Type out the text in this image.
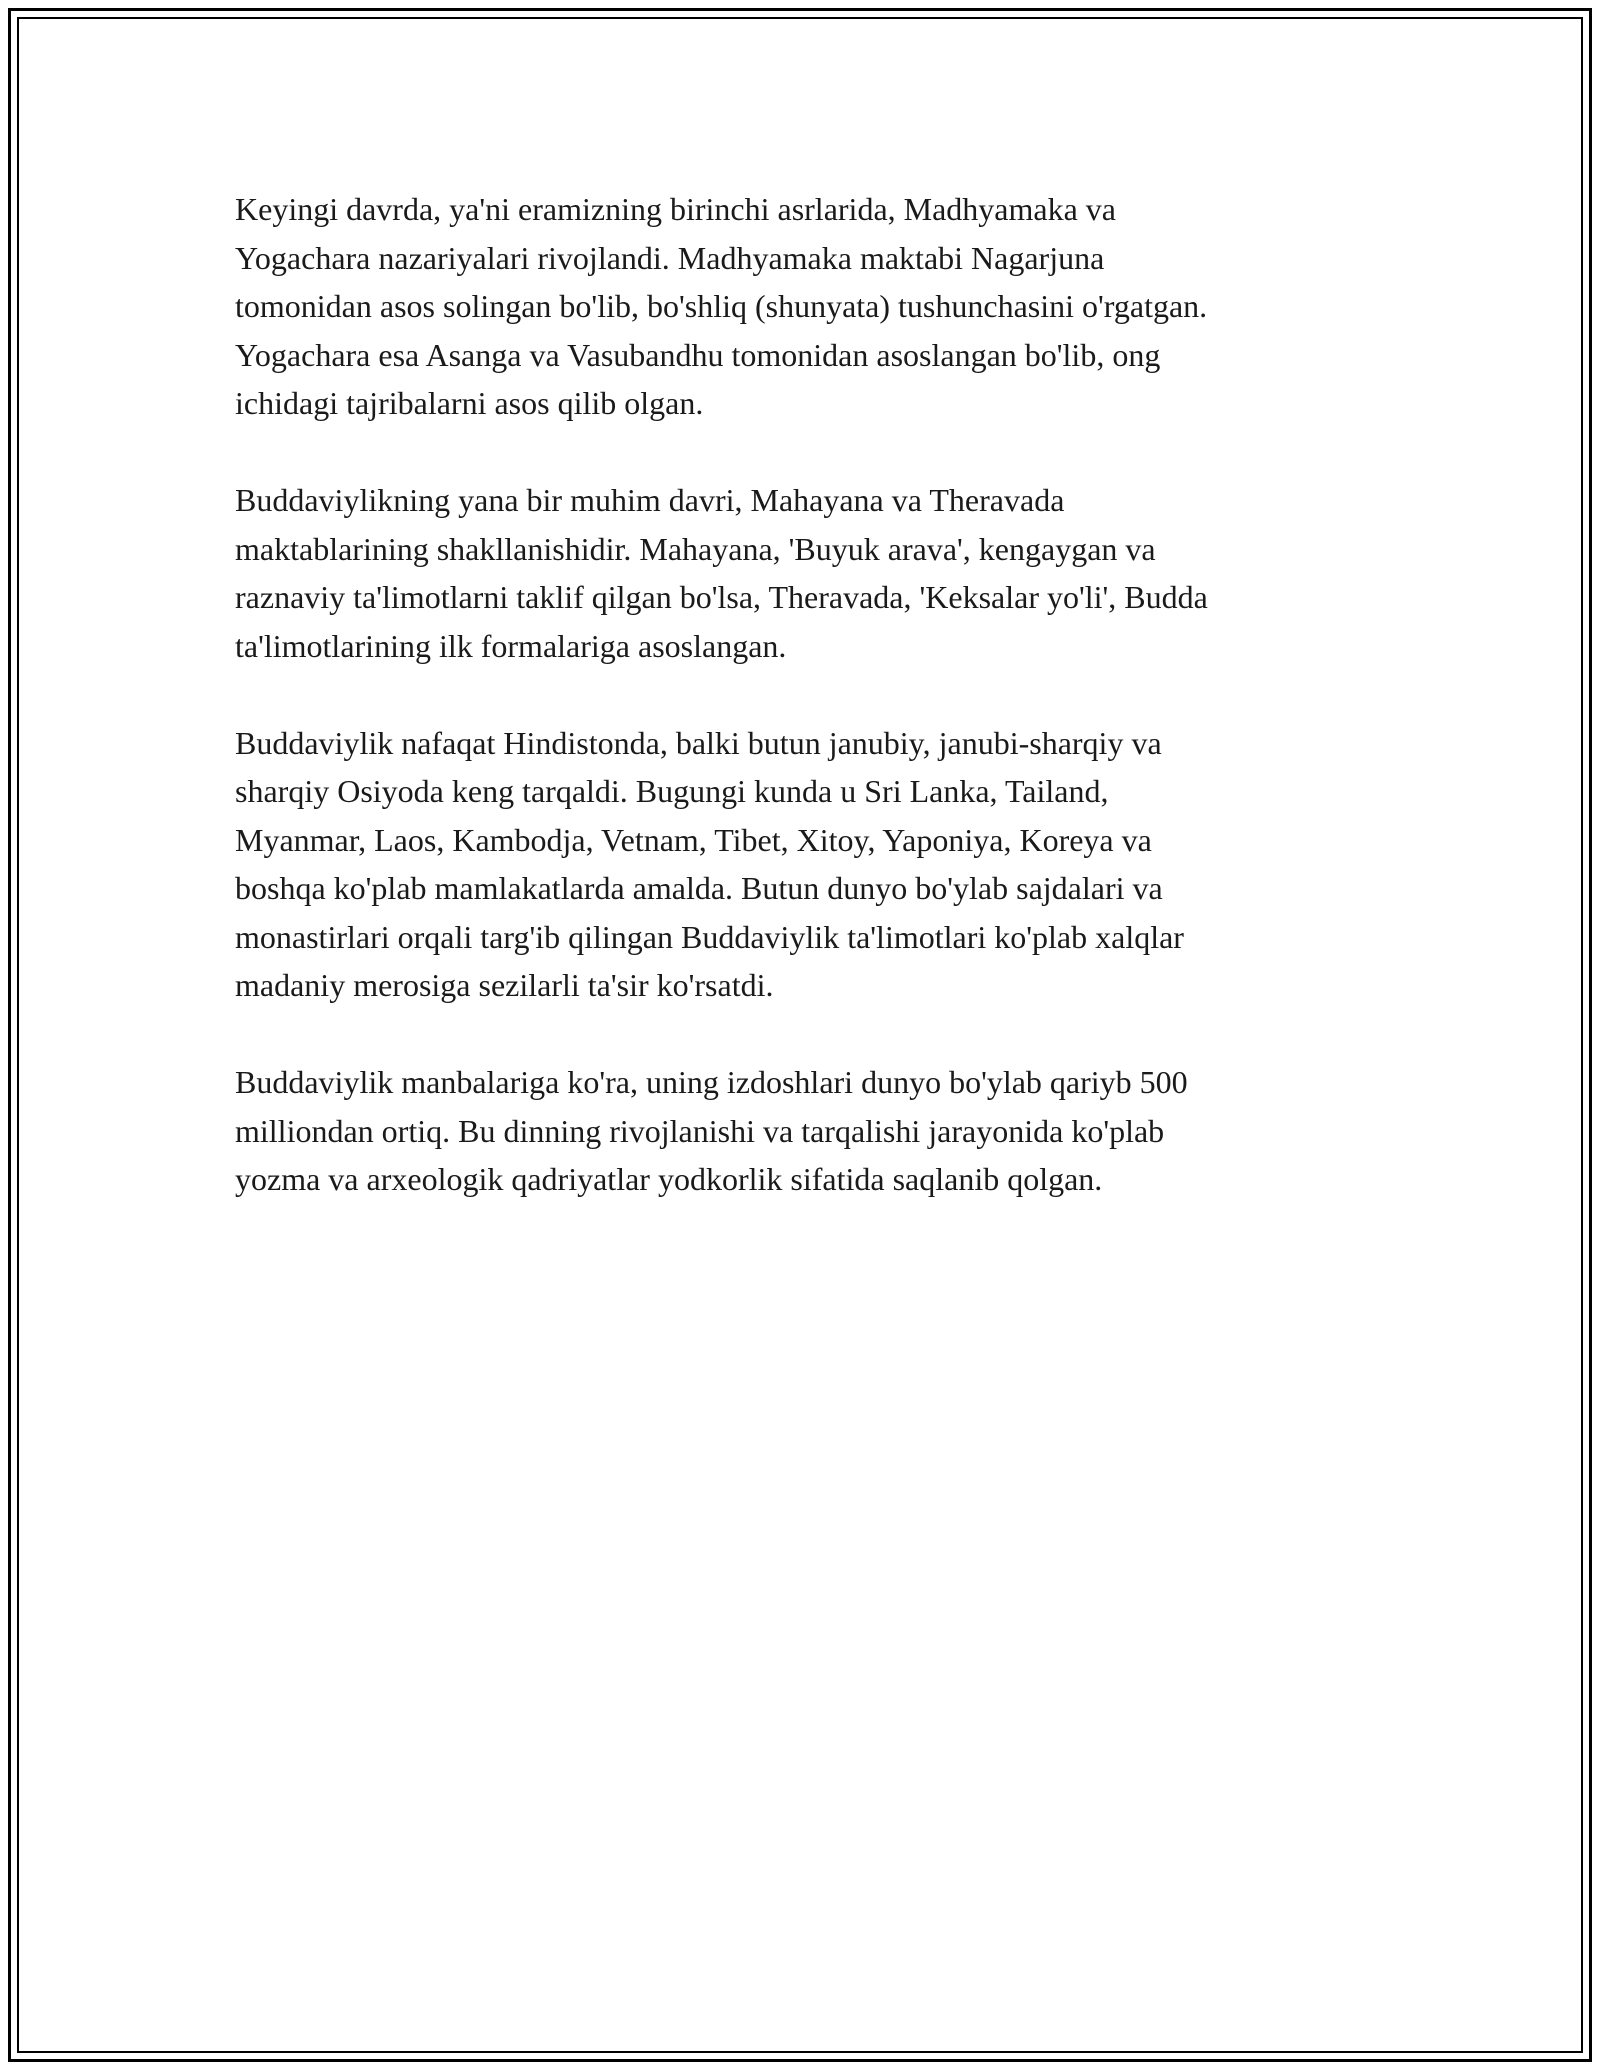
Keyingi davrda, ya'ni eramizning birinchi asrlarida, Madhyamaka va
Yogachara nazariyalari rivojlandi. Madhyamaka maktabi Nagarjuna
tomonidan asos solingan bo'lib, bo'shliq (shunyata) tushunchasini o'rgatgan.
Yogachara esa Asanga va Vasubandhu tomonidan asoslangan bo'lib, ong
ichidagi tajribalarni asos qilib olgan.

Buddaviylikning yana bir muhim davri, Mahayana va Theravada
maktablarining shakllanishidir. Mahayana, 'Buyuk arava', kengaygan va
raznaviy ta'limotlarni taklif qilgan bo'lsa, Theravada, 'Keksalar yo'li', Budda
ta'limotlarining ilk formalariga asoslangan.

Buddaviylik nafaqat Hindistonda, balki butun janubiy, janubi-sharqiy va
sharqiy Osiyoda keng tarqaldi. Bugungi kunda u Sri Lanka, Tailand,
Myanmar, Laos, Kambodja, Vetnam, Tibet, Xitoy, Yaponiya, Koreya va
boshqa ko'plab mamlakatlarda amalda. Butun dunyo bo'ylab sajdalari va
monastirlari orqali targ'ib qilingan Buddaviylik ta'limotlari ko'plab xalqlar
madaniy merosiga sezilarli ta'sir ko'rsatdi.

Buddaviylik manbalariga ko'ra, uning izdoshlari dunyo bo'ylab qariyb 500
milliondan ortiq. Bu dinning rivojlanishi va tarqalishi jarayonida ko'plab
yozma va arxeologik qadriyatlar yodkorlik sifatida saqlanib qolgan.
